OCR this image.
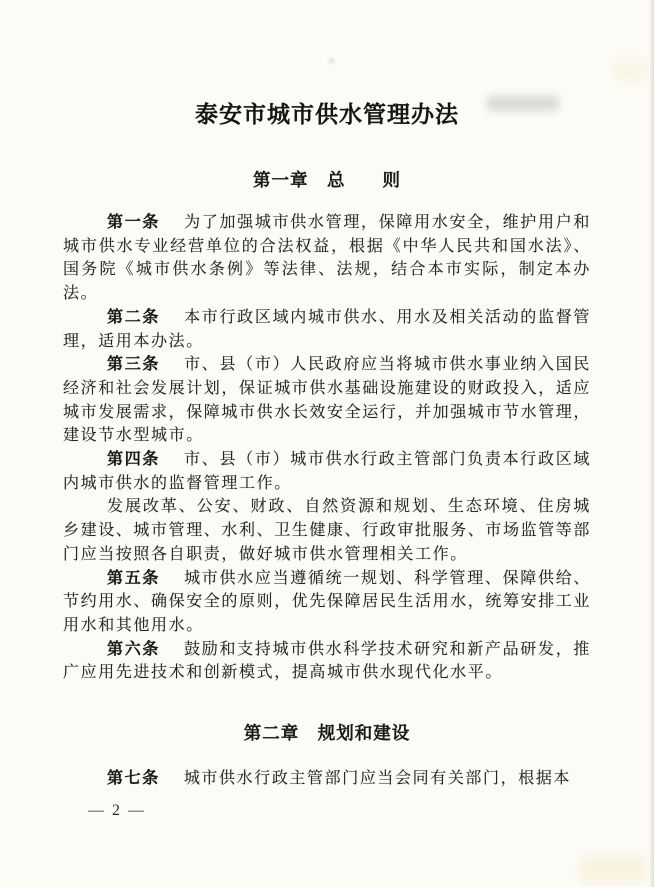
泰安市城市供水管理办法
第一章　总　　则

第一条 为了加强城市供水管理，保障用水安全，维护用户和城市供水专业经营单位的合法权益，根据《中华人民共和国水法》、国务院《城市供水条例》等法律、法规，结合本市实际，制定本办法。

第二条 本市行政区域内城市供水、用水及相关活动的监督管理，适用本办法。

第三条 市、县（市）人民政府应当将城市供水事业纳入国民经济和社会发展计划，保证城市供水基础设施建设的财政投入，适应城市发展需求，保障城市供水长效安全运行，并加强城市节水管理，建设节水型城市。

第四条 市、县（市）城市供水行政主管部门负责本行政区域内城市供水的监督管理工作。

发展改革、公安、财政、自然资源和规划、生态环境、住房城乡建设、城市管理、水利、卫生健康、行政审批服务、市场监管等部门应当按照各自职责，做好城市供水管理相关工作。

第五条 城市供水应当遵循统一规划、科学管理、保障供给、节约用水、确保安全的原则，优先保障居民生活用水，统筹安排工业用水和其他用水。

第六条 鼓励和支持城市供水科学技术研究和新产品研发，推广应用先进技术和创新模式，提高城市供水现代化水平。

第二章　规划和建设

第七条 城市供水行政主管部门应当会同有关部门，根据本

— 2 —
